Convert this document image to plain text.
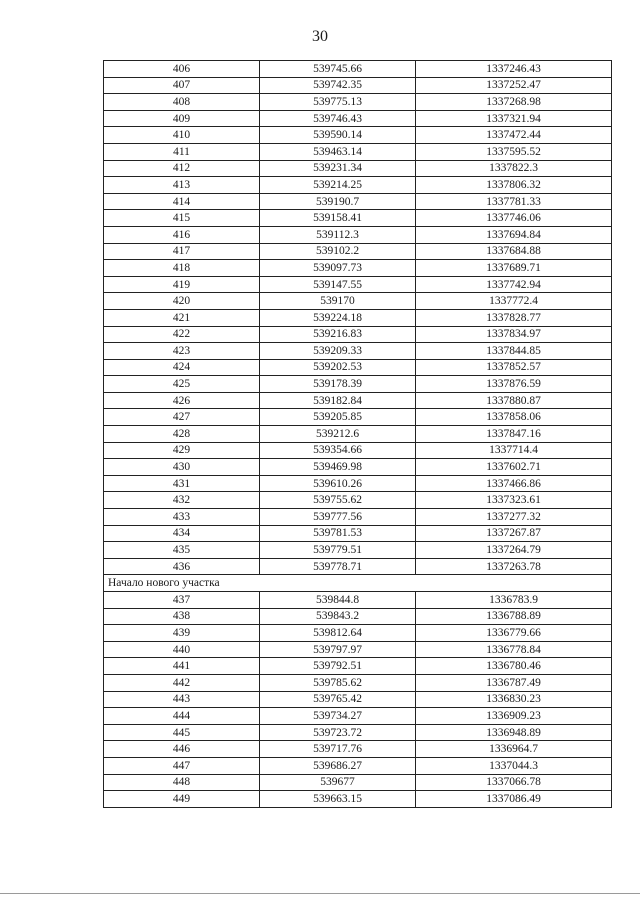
30
406	539745.66	1337246.43
407	539742.35	1337252.47
408	539775.13	1337268.98
409	539746.43	1337321.94
410	539590.14	1337472.44
411	539463.14	1337595.52
412	539231.34	1337822.3
413	539214.25	1337806.32
414	539190.7	1337781.33
415	539158.41	1337746.06
416	539112.3	1337694.84
417	539102.2	1337684.88
418	539097.73	1337689.71
419	539147.55	1337742.94
420	539170	1337772.4
421	539224.18	1337828.77
422	539216.83	1337834.97
423	539209.33	1337844.85
424	539202.53	1337852.57
425	539178.39	1337876.59
426	539182.84	1337880.87
427	539205.85	1337858.06
428	539212.6	1337847.16
429	539354.66	1337714.4
430	539469.98	1337602.71
431	539610.26	1337466.86
432	539755.62	1337323.61
433	539777.56	1337277.32
434	539781.53	1337267.87
435	539779.51	1337264.79
436	539778.71	1337263.78
Начало нового участка		
437	539844.8	1336783.9
438	539843.2	1336788.89
439	539812.64	1336779.66
440	539797.97	1336778.84
441	539792.51	1336780.46
442	539785.62	1336787.49
443	539765.42	1336830.23
444	539734.27	1336909.23
445	539723.72	1336948.89
446	539717.76	1336964.7
447	539686.27	1337044.3
448	539677	1337066.78
449	539663.15	1337086.49
